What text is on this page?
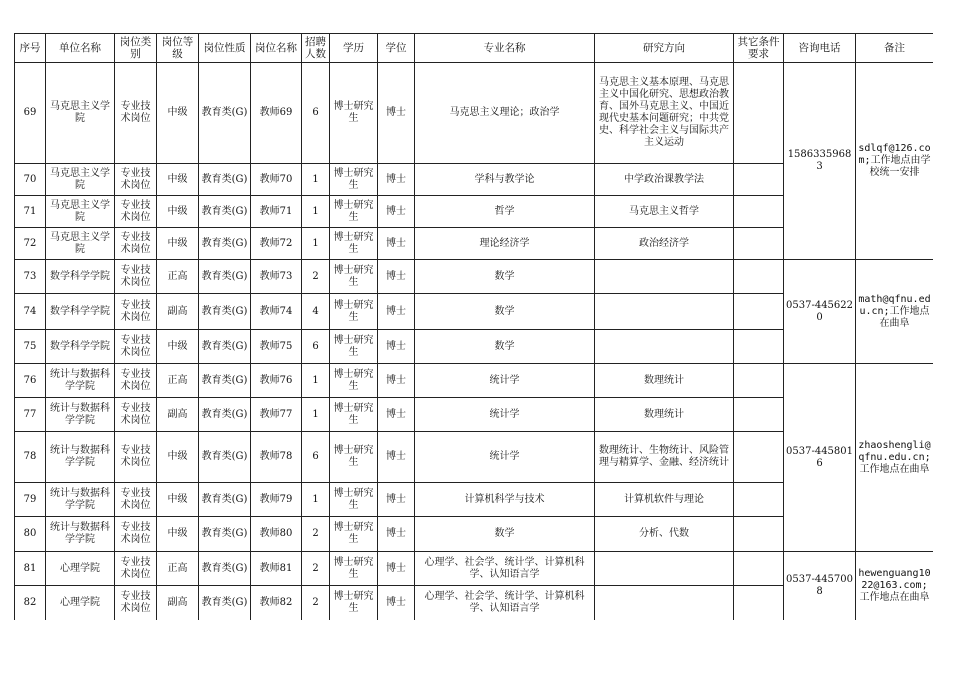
序号	单位名称	岗位类别	岗位等级	岗位性质	岗位名称	招聘人数	学历	学位	专业名称	研究方向	其它条件要求	咨询电话	备注
69	马克思主义学院	专业技术岗位	中级	教育类(G)	教师69	6	博士研究生	博士	马克思主义理论；政治学	马克思主义基本原理、马克思主义中国化研究、思想政治教育、国外马克思主义、中国近现代史基本问题研究；中共党史、科学社会主义与国际共产主义运动		15863359683	sdlqf@126.com;工作地点由学校统一安排
70	马克思主义学院	专业技术岗位	中级	教育类(G)	教师70	1	博士研究生	博士	学科与教学论	中学政治课教学法			
71	马克思主义学院	专业技术岗位	中级	教育类(G)	教师71	1	博士研究生	博士	哲学	马克思主义哲学			
72	马克思主义学院	专业技术岗位	中级	教育类(G)	教师72	1	博士研究生	博士	理论经济学	政治经济学			
73	数学科学学院	专业技术岗位	正高	教育类(G)	教师73	2	博士研究生	博士	数学			0537-4456220	math@qfnu.edu.cn;工作地点在曲阜
74	数学科学学院	专业技术岗位	副高	教育类(G)	教师74	4	博士研究生	博士	数学				
75	数学科学学院	专业技术岗位	中级	教育类(G)	教师75	6	博士研究生	博士	数学				
76	统计与数据科学学院	专业技术岗位	正高	教育类(G)	教师76	1	博士研究生	博士	统计学	数理统计		0537-4458016	zhaoshengli@qfnu.edu.cn;工作地点在曲阜
77	统计与数据科学学院	专业技术岗位	副高	教育类(G)	教师77	1	博士研究生	博士	统计学	数理统计			
78	统计与数据科学学院	专业技术岗位	中级	教育类(G)	教师78	6	博士研究生	博士	统计学	数理统计、生物统计、风险管理与精算学、金融、经济统计			
79	统计与数据科学学院	专业技术岗位	中级	教育类(G)	教师79	1	博士研究生	博士	计算机科学与技术	计算机软件与理论			
80	统计与数据科学学院	专业技术岗位	中级	教育类(G)	教师80	2	博士研究生	博士	数学	分析、代数			
81	心理学院	专业技术岗位	正高	教育类(G)	教师81	2	博士研究生	博士	心理学、社会学、统计学、计算机科学、认知语言学			0537-4457008	hewenguang1022@163.com;工作地点在曲阜
82	心理学院	专业技术岗位	副高	教育类(G)	教师82	2	博士研究生	博士	心理学、社会学、统计学、计算机科学、认知语言学				
